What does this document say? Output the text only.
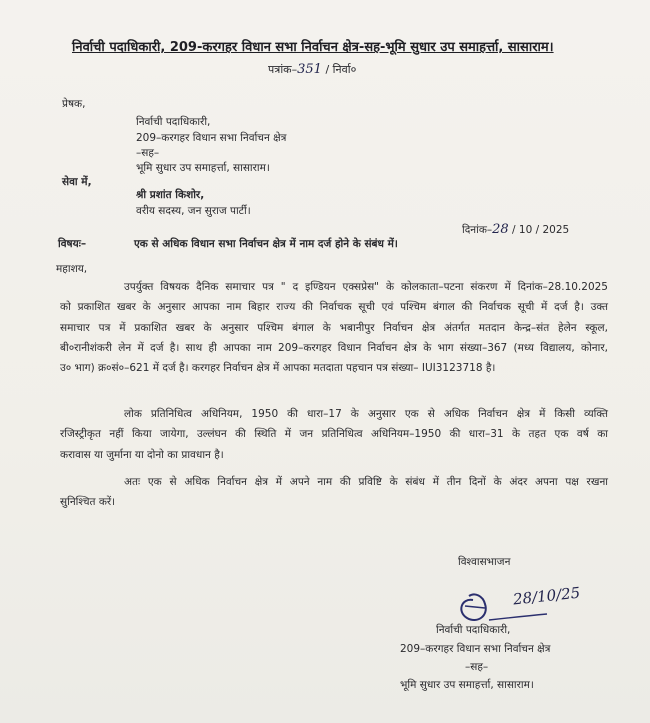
निर्वाची पदाधिकारी, 209-करगहर विधान सभा निर्वाचन क्षेत्र-सह-भूमि सुधार उप समाहर्त्ता, सासाराम।
पत्रांक–351 / निर्वा०
प्रेषक,
निर्वाची पदाधिकारी,
209–करगहर विधान सभा निर्वाचन क्षेत्र
–सह–
भूमि सुधार उप समाहर्त्ता, सासाराम।
सेवा में,
श्री प्रशांत किशोर,
वरीय सदस्य, जन सुराज पार्टी।
दिनांक–28 / 10 / 2025
विषयः–	एक से अधिक विधान सभा निर्वाचन क्षेत्र में नाम दर्ज होने के संबंध में।
महाशय,
उपर्युक्त विषयक दैनिक समाचार पत्र " द इण्डियन एक्सप्रेस" के कोलकाता–पटना संकरण में दिनांक–28.10.2025
को प्रकाशित खबर के अनुसार आपका नाम बिहार राज्य की निर्वाचक सूची एवं पश्चिम बंगाल की निर्वाचक सूची में दर्ज है। उक्त
समाचार पत्र में प्रकाशित खबर के अनुसार पश्चिम बंगाल के भबानीपुर निर्वाचन क्षेत्र अंतर्गत मतदान केन्द्र–संत हेलेन स्कूल,
बी०रानीशंकरी लेन में दर्ज है। साथ ही आपका नाम 209–करगहर विधान निर्वाचन क्षेत्र के भाग संख्या–367 (मध्य विद्यालय, कोनार,
उ० भाग) क्र०सं०–621 में दर्ज है। करगहर निर्वाचन क्षेत्र में आपका मतदाता पहचान पत्र संख्या– IUI3123718 है।
लोक प्रतिनिधित्व अधिनियम, 1950 की धारा–17 के अनुसार एक से अधिक निर्वाचन क्षेत्र में किसी व्यक्ति
रजिस्ट्रीकृत नहीं किया जायेगा, उल्लंघन की स्थिति में जन प्रतिनिधित्व अधिनियम–1950 की धारा–31 के तहत एक वर्ष का
करावास या जुर्माना या दोनो का प्रावधान है।
अतः एक से अधिक निर्वाचन क्षेत्र में अपने नाम की प्रविष्टि के संबंध में तीन दिनों के अंदर अपना पक्ष रखना
सुनिश्चित करें।
विश्वासभाजन
28/10/25
निर्वाची पदाधिकारी,
209–करगहर विधान सभा निर्वाचन क्षेत्र
–सह–
भूमि सुधार उप समाहर्त्ता, सासाराम।
